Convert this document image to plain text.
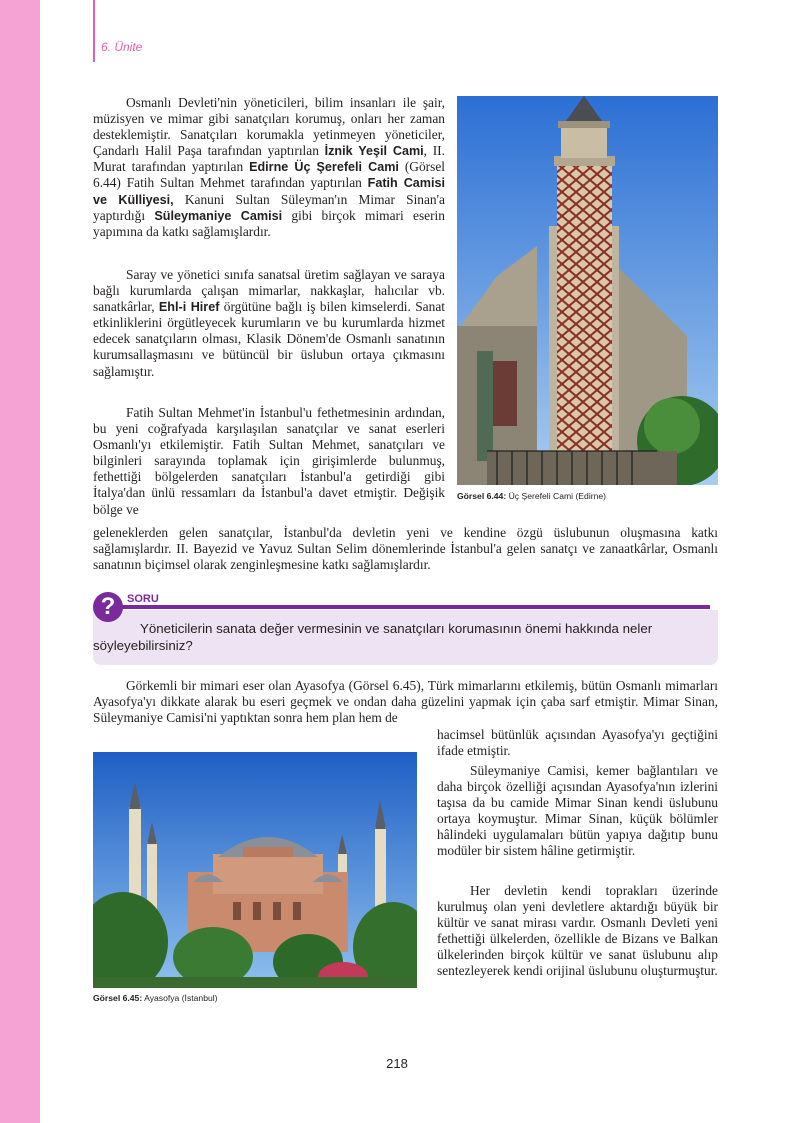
6. Ünite

Osmanlı Devleti'nin yöneticileri, bilim insanları ile şair, müzisyen ve mimar gibi sanatçıları korumuş, onları her zaman desteklemiştir. Sanatçıları korumakla yetinmeyen yöneticiler, Çandarlı Halil Paşa tarafından yaptırılan İznik Yeşil Cami, II. Murat tarafından yaptırılan Edirne Üç Şerefeli Cami (Görsel 6.44) Fatih Sultan Mehmet tarafından yaptırılan Fatih Camisi ve Külliyesi, Kanuni Sultan Süleyman'ın Mimar Sinan'a yaptırdığı Süleymaniye Camisi gibi birçok mimari eserin yapımına da katkı sağlamışlardır.

Saray ve yönetici sınıfa sanatsal üretim sağlayan ve saraya bağlı kurumlarda çalışan mimarlar, nakkaşlar, halıcılar vb. sanatkârlar, Ehl-i Hiref örgütüne bağlı iş bilen kimselerdi. Sanat etkinliklerini örgütleyecek kurumların ve bu kurumlarda hizmet edecek sanatçıların olması, Klasik Dönem'de Osmanlı sanatının kurumsallaşmasını ve bütüncül bir üslubun ortaya çıkmasını sağlamıştır.

Fatih Sultan Mehmet'in İstanbul'u fethetmesinin ardından, bu yeni coğrafyada karşılaşılan sanatçılar ve sanat eserleri Osmanlı'yı etkilemiştir. Fatih Sultan Mehmet, sanatçıları ve bilginleri sarayında toplamak için girişimlerde bulunmuş, fethettiği bölgelerden sanatçıları İstanbul'a getirdiği gibi İtalya'dan ünlü ressamları da İstanbul'a davet etmiştir. Değişik bölge ve

geleneklerden gelen sanatçılar, İstanbul'da devletin yeni ve kendine özgü üslubunun oluşmasına katkı sağlamışlardır. II. Bayezid ve Yavuz Sultan Selim dönemlerinde İstanbul'a gelen sanatçı ve zanaatkârlar, Osmanlı sanatının biçimsel olarak zenginleşmesine katkı sağlamışlardır.

Görsel 6.44: Üç Şerefeli Cami (Edirne)
?	SORU

Yöneticilerin sanata değer vermesinin ve sanatçıları korumasının önemi hakkında neler söyleyebilirsiniz?

Görkemli bir mimari eser olan Ayasofya (Görsel 6.45), Türk mimarlarını etkilemiş, bütün Osmanlı mimarları Ayasofya'yı dikkate alarak bu eseri geçmek ve ondan daha güzelini yapmak için çaba sarf etmiştir. Mimar Sinan, Süleymaniye Camisi'ni yaptıktan sonra hem plan hem de

hacimsel bütünlük açısından Ayasofya'yı geçtiğini ifade etmiştir.

Görsel 6.45: Ayasofya (İstanbul)

Süleymaniye Camisi, kemer bağlantıları ve daha birçok özelliği açısından Ayasofya'nın izlerini taşısa da bu camide Mimar Sinan kendi üslubunu ortaya koymuştur. Mimar Sinan, küçük bölümler hâlindeki uygulamaları bütün yapıya dağıtıp bunu modüler bir sistem hâline getirmiştir.

Her devletin kendi toprakları üzerinde kurulmuş olan yeni devletlere aktardığı büyük bir kültür ve sanat mirası vardır. Osmanlı Devleti yeni fethettiği ülkelerden, özellikle de Bizans ve Balkan ülkelerinden birçok kültür ve sanat üslubunu alıp sentezleyerek kendi orijinal üslubunu oluşturmuştur.

218
